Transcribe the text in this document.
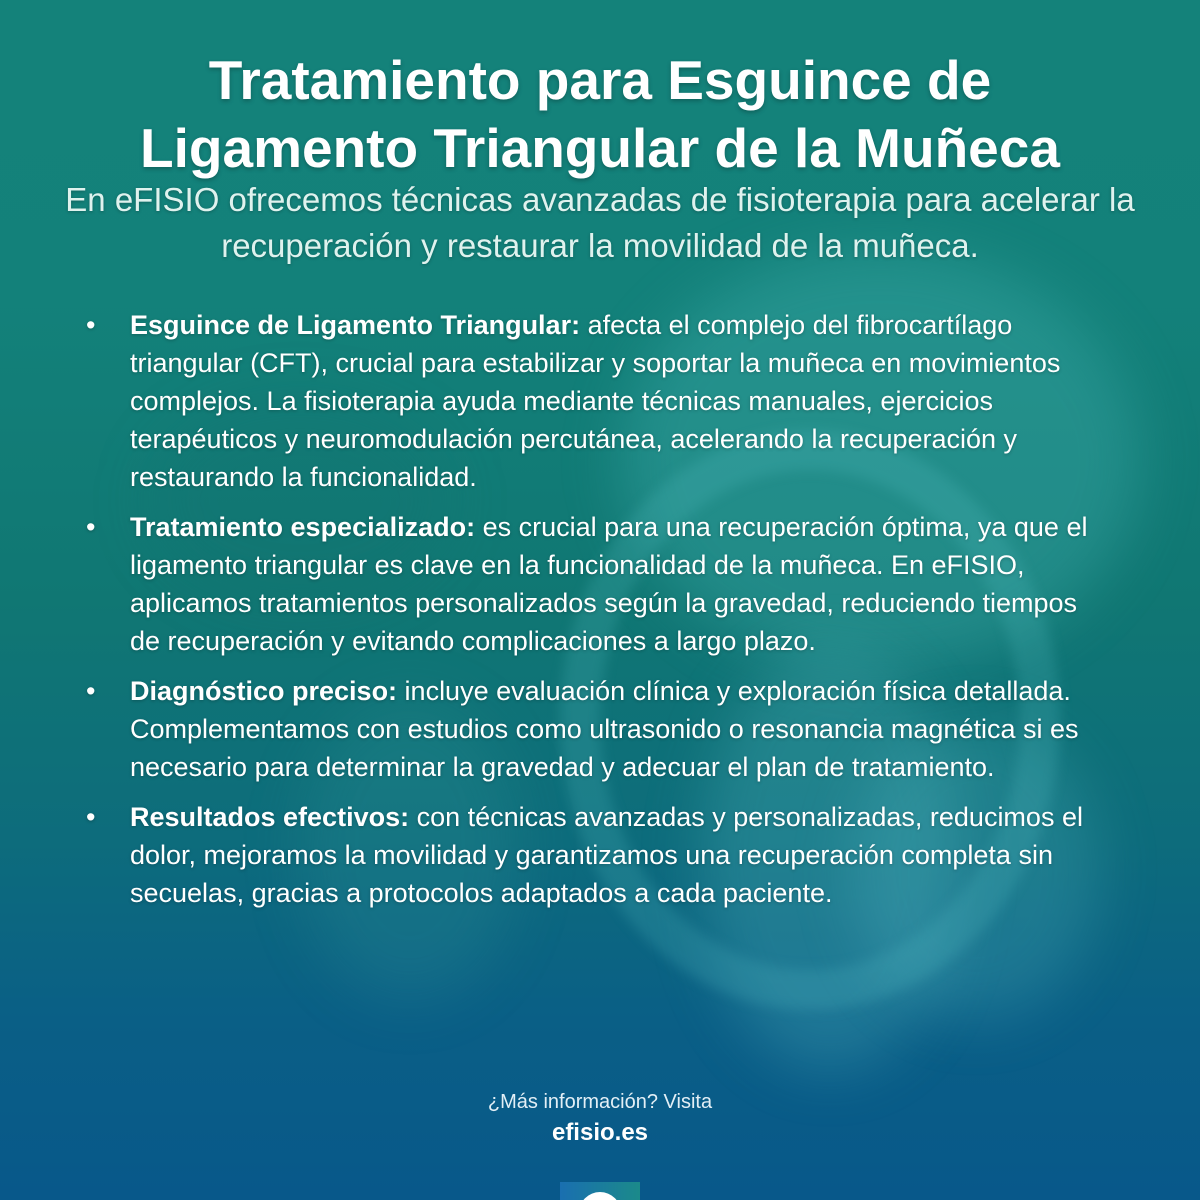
Tratamiento para Esguince de
Ligamento Triangular de la Muñeca

En eFISIO ofrecemos técnicas avanzadas de fisioterapia para acelerar la recuperación y restaurar la movilidad de la muñeca.

•	Esguince de Ligamento Triangular: afecta el complejo del fibrocartílago triangular (CFT), crucial para estabilizar y soportar la muñeca en movimientos complejos. La fisioterapia ayuda mediante técnicas manuales, ejercicios terapéuticos y neuromodulación percutánea, acelerando la recuperación y restaurando la funcionalidad.
•	Tratamiento especializado: es crucial para una recuperación óptima, ya que el ligamento triangular es clave en la funcionalidad de la muñeca. En eFISIO, aplicamos tratamientos personalizados según la gravedad, reduciendo tiempos de recuperación y evitando complicaciones a largo plazo.
•	Diagnóstico preciso: incluye evaluación clínica y exploración física detallada. Complementamos con estudios como ultrasonido o resonancia magnética si es necesario para determinar la gravedad y adecuar el plan de tratamiento.
•	Resultados efectivos: con técnicas avanzadas y personalizadas, reducimos el dolor, mejoramos la movilidad y garantizamos una recuperación completa sin secuelas, gracias a protocolos adaptados a cada paciente.
¿Más información? Visita
efisio.es
